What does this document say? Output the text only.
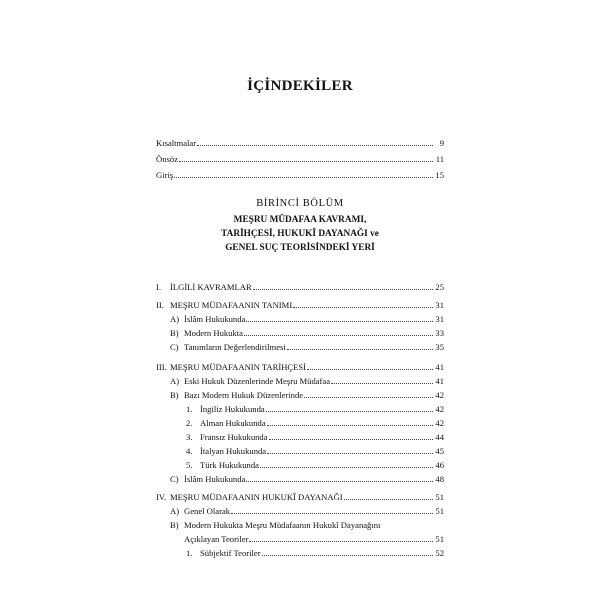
İÇİNDEKİLER
Kısaltmalar	9
Önsöz	11
Giriş	15
BİRİNCİ BÖLÜM
MEŞRU MÜDAFAA KAVRAMI,
TARİHÇESİ, HUKUKÎ DAYANAĞI ve
GENEL SUÇ TEORİSİNDEKİ YERİ
I.	İLGİLİ KAVRAMLAR	25
II. MEŞRU MÜDAFAANIN TANIMI	31
A) İslâm Hukukunda	31
B) Modern Hukukta	33
C) Tanımların Değerlendirilmesi	35
III. MEŞRU MÜDAFAANIN TARİHÇESİ	41
A) Eski Hukuk Düzenlerinde Meşru Müdafaa	41
B) Bazı Modern Hukuk Düzenlerinde	42
1. İngiliz Hukukunda	42
2. Alman Hukukunda	42
3. Fransız Hukukunda	44
4. İtalyan Hukukunda	45
5. Türk Hukukunda	46
C) İslâm Hukukunda	48
IV. MEŞRU MÜDAFAANIN HUKUKÎ DAYANAĞI	51
A) Genel Olarak	51
B) Modern Hukukta Meşru Müdafaanın Hukukî Dayanağını
Açıklayan Teoriler	51
1. Sübjektif Teoriler	52
